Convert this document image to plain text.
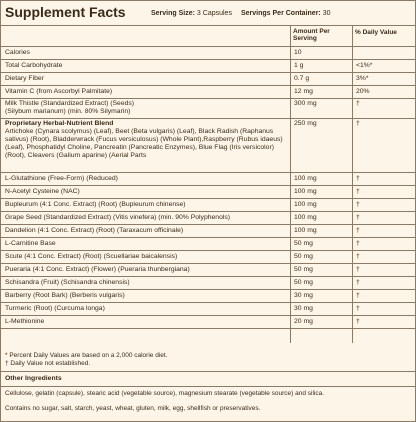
Supplement Facts	Serving Size: 3 Capsules Servings Per Container: 30
Amount Per Serving
% Daily Value
Calories	10
Total Carbohydrate	1 g	<1%*
Dietary Fiber	0.7 g	3%*
Vitamin C (from Ascorbyl Palmitate)	12 mg	20%
Milk Thistle (Standardized Extract) (Seeds)
(Silybum marianum) (min. 80% Silymarin)
300 mg	†
Proprietary Herbal-Nutrient Blend
Artichoke (Cynara scolymus) (Leaf), Beet (Beta vulgaris) (Leaf), Black Radish (Raphanus sativus) (Root), Bladderwrack (Fucus versiculosus) (Whole Plant),Raspberry (Rubus idaeus) (Leaf), Phosphatidyl Choline, Pancreatin (Pancreatic Enzymes), Blue Flag (Iris versicolor) (Root), Cleavers (Galium aparine) (Aerial Parts
250 mg	†
L-Glutathione (Free-Form) (Reduced)	100 mg	†
N-Acetyl Cysteine (NAC)	100 mg	†
Bupleurum (4:1 Conc. Extract) (Root) (Bupleurum chinense)	100 mg	†
Grape Seed (Standardized Extract) (Vitis vinefera) (min. 90% Polyphenols)	100 mg	†
Dandelion (4:1 Conc. Extract) (Root) (Taraxacum officinale)	100 mg	†
L-Carnitine Base	50 mg	†
Scute (4:1 Conc. Extract) (Root) (Scuellariae baicalensis)	50 mg	†
Pueraria (4:1 Conc. Extract) (Flower) (Pueraria thunbergiana)	50 mg	†
Schisandra (Fruit) (Schisandra chinensis)	50 mg	†
Barberry (Root Bark) (Berberis vulgaris)	30 mg	†
Turmeric (Root) (Curcuma longa)	30 mg	†
L-Methionine	20 mg	†
* Percent Daily Values are based on a 2,000 calorie diet.
† Daily Value not established.
Other Ingredients
Cellulose, gelatin (capsule), stearic acid (vegetable source), magnesium stearate (vegetable source) and silica.
Contains no sugar, salt, starch, yeast, wheat, gluten, milk, egg, shellfish or preservatives.
